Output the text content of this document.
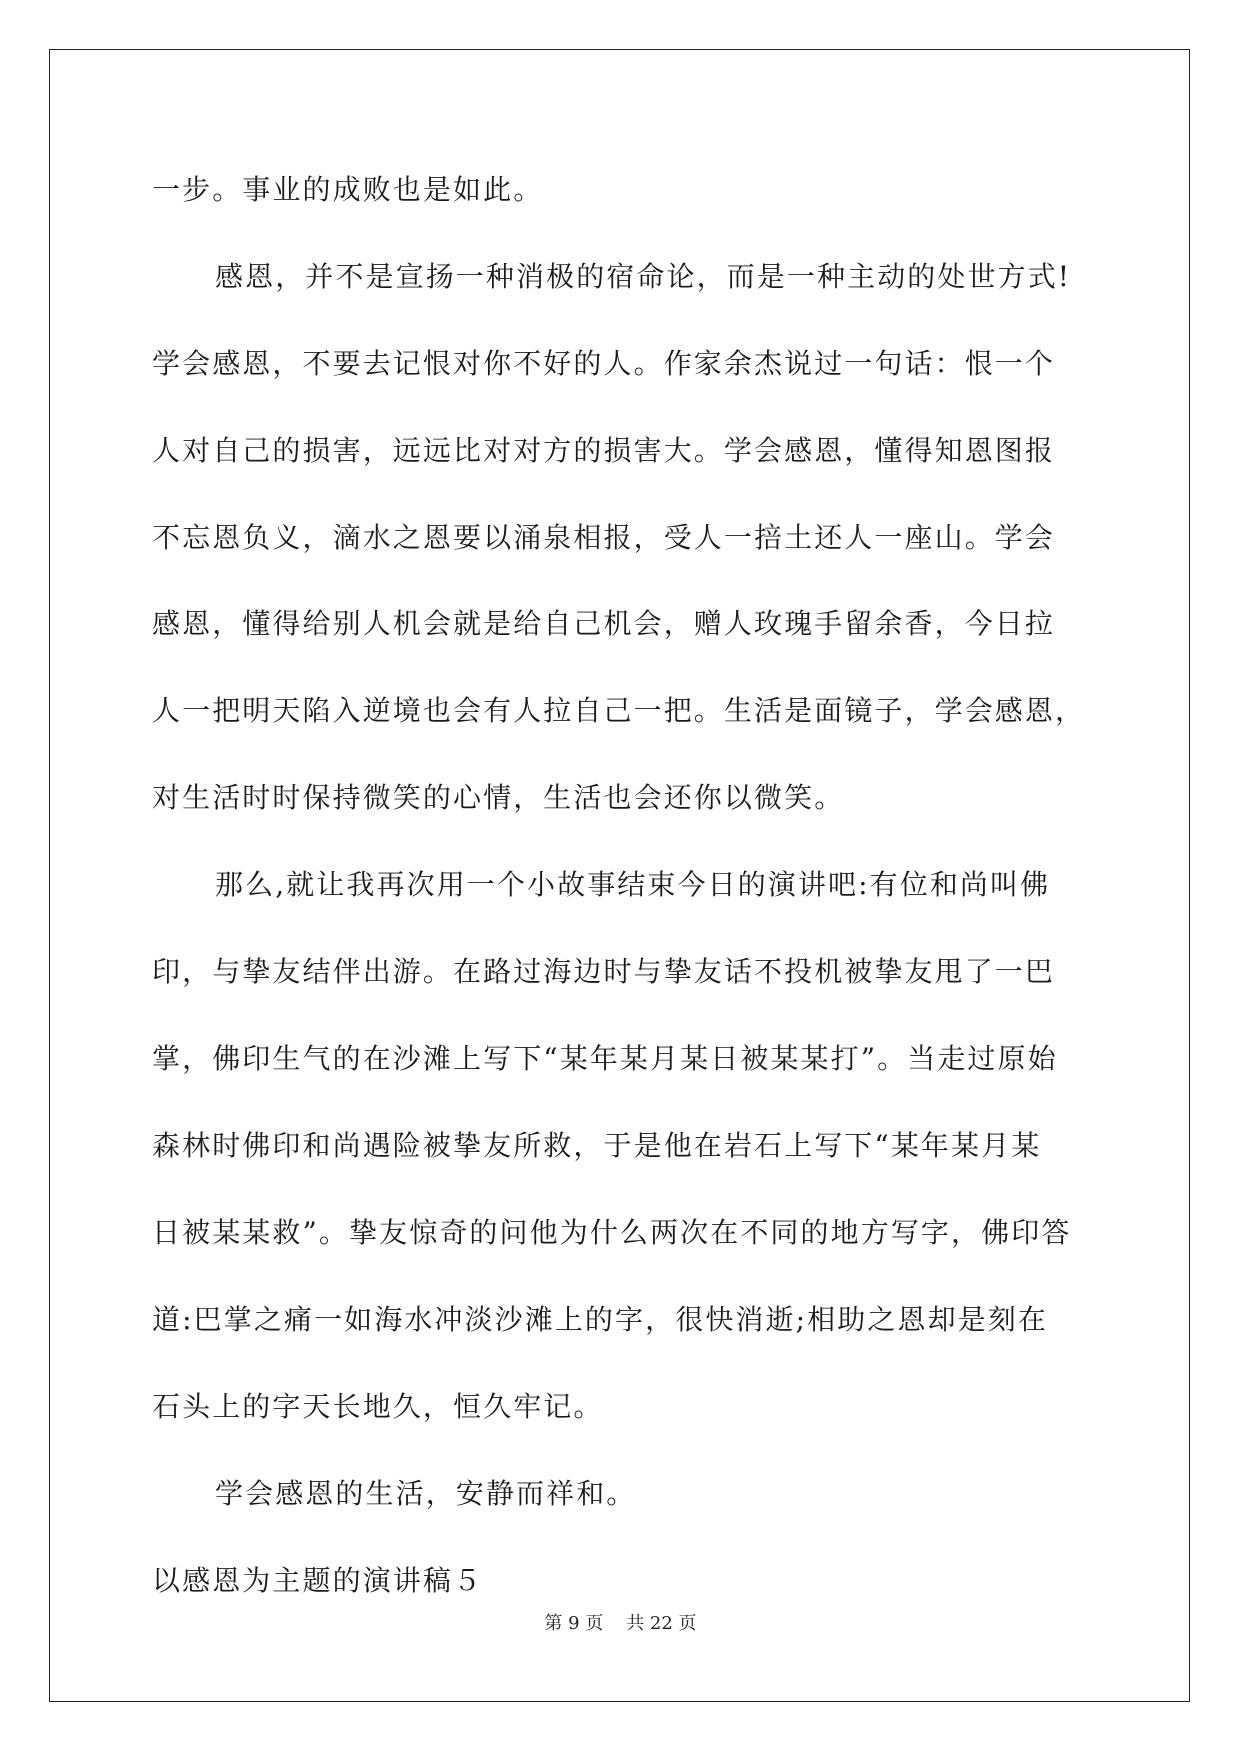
一步。事业的成败也是如此。
感恩，并不是宣扬一种消极的宿命论，而是一种主动的处世方式!
学会感恩，不要去记恨对你不好的人。作家余杰说过一句话：恨一个
人对自己的损害，远远比对对方的损害大。学会感恩，懂得知恩图报
不忘恩负义，滴水之恩要以涌泉相报，受人一掊土还人一座山。学会
感恩，懂得给别人机会就是给自己机会，赠人玫瑰手留余香，今日拉
人一把明天陷入逆境也会有人拉自己一把。生活是面镜子，学会感恩，
对生活时时保持微笑的心情，生活也会还你以微笑。
那么,就让我再次用一个小故事结束今日的演讲吧:有位和尚叫佛
印，与挚友结伴出游。在路过海边时与挚友话不投机被挚友甩了一巴
掌，佛印生气的在沙滩上写下“某年某月某日被某某打”。当走过原始
森林时佛印和尚遇险被挚友所救，于是他在岩石上写下“某年某月某
日被某某救”。挚友惊奇的问他为什么两次在不同的地方写字，佛印答
道:巴掌之痛一如海水冲淡沙滩上的字，很快消逝;相助之恩却是刻在
石头上的字天长地久，恒久牢记。
学会感恩的生活，安静而祥和。
以感恩为主题的演讲稿５
第 9 页    共 22 页
